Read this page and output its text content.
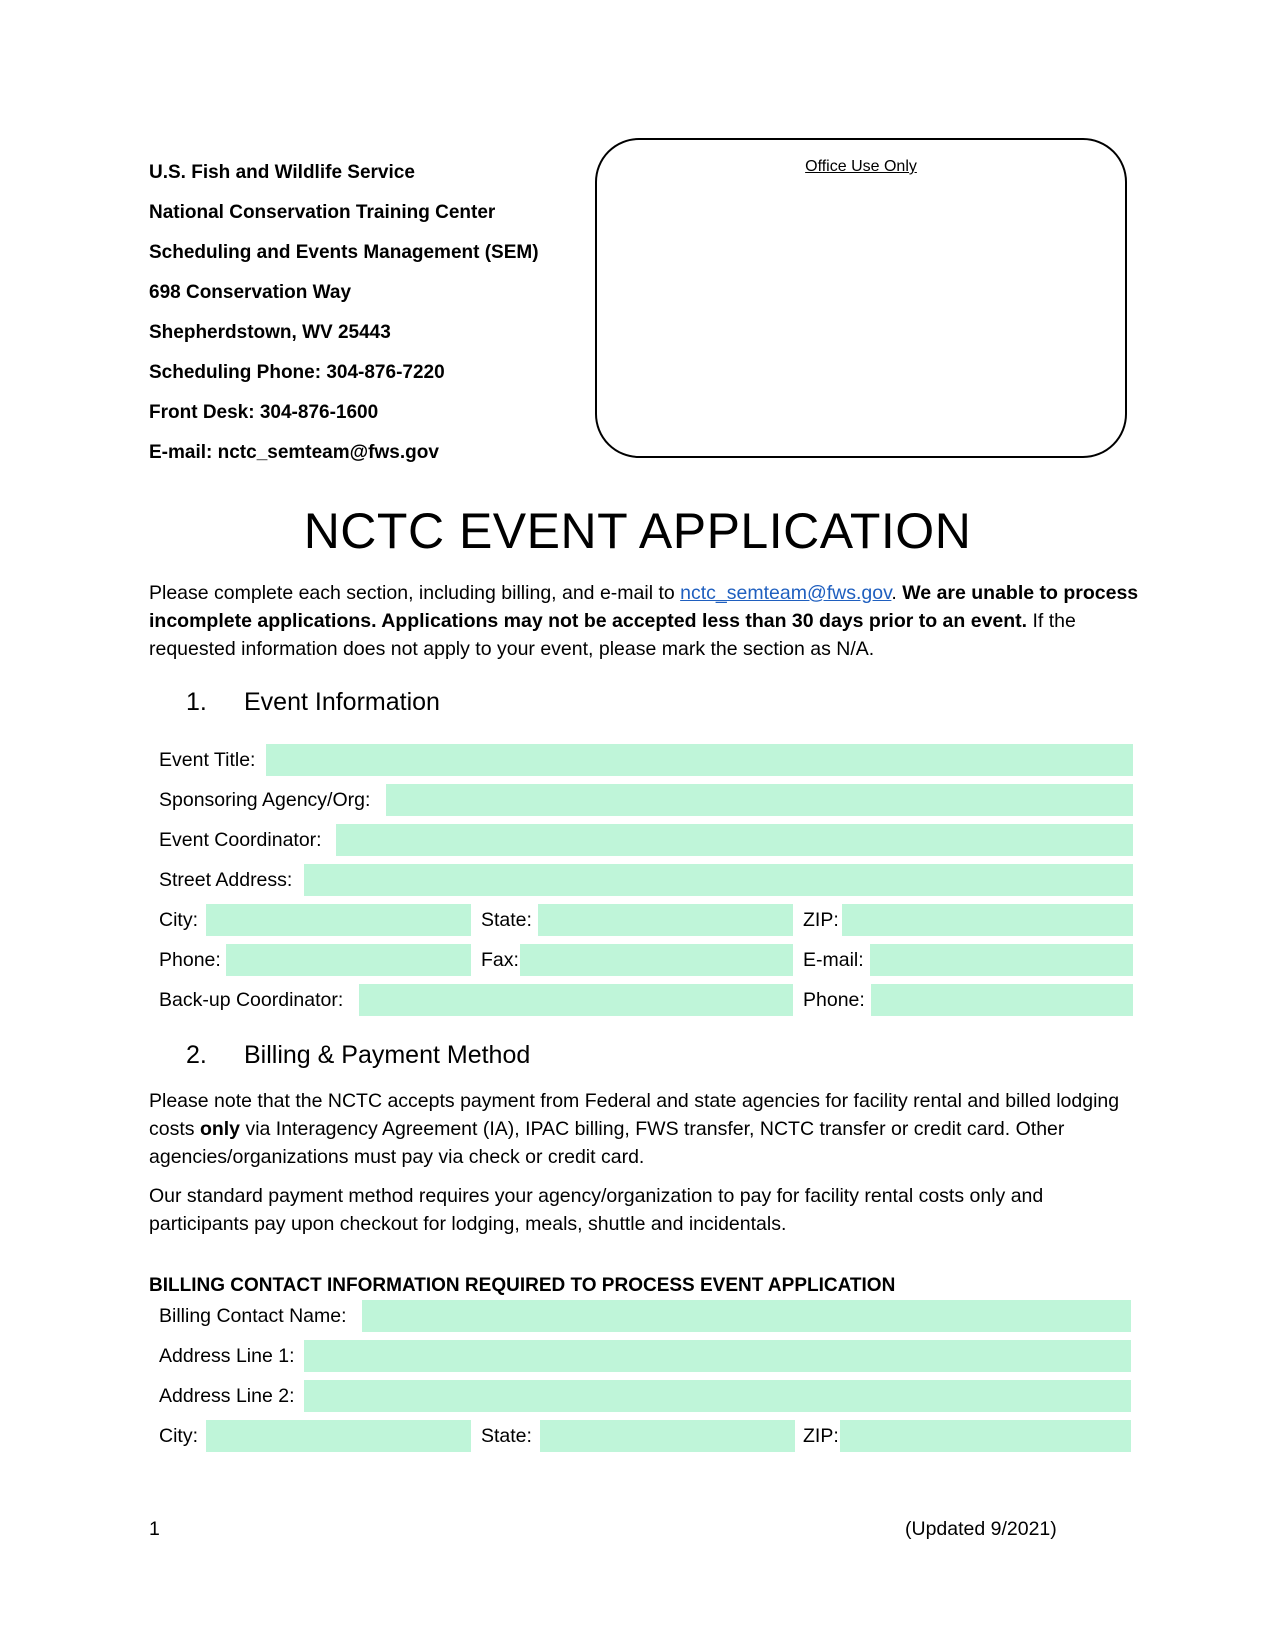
U.S. Fish and Wildlife Service
National Conservation Training Center
Scheduling and Events Management (SEM)
698 Conservation Way
Shepherdstown, WV 25443
Scheduling Phone: 304-876-7220
Front Desk: 304-876-1600
E-mail: nctc_semteam@fws.gov
Office Use Only
NCTC EVENT APPLICATION
Please complete each section, including billing, and e-mail to nctc_semteam@fws.gov. We are unable to process incomplete applications. Applications may not be accepted less than 30 days prior to an event. If the requested information does not apply to your event, please mark the section as N/A.
1. Event Information
Event Title:
Sponsoring Agency/Org:
Event Coordinator:
Street Address:
City:	State:	ZIP:
Phone:	Fax:	E-mail:
Back-up Coordinator:	Phone:
2. Billing & Payment Method
Please note that the NCTC accepts payment from Federal and state agencies for facility rental and billed lodging costs only via Interagency Agreement (IA), IPAC billing, FWS transfer, NCTC transfer or credit card. Other agencies/organizations must pay via check or credit card.
Our standard payment method requires your agency/organization to pay for facility rental costs only and participants pay upon checkout for lodging, meals, shuttle and incidentals.
BILLING CONTACT INFORMATION REQUIRED TO PROCESS EVENT APPLICATION
Billing Contact Name:
Address Line 1:
Address Line 2:
City:	State:	ZIP:
1	(Updated 9/2021)
